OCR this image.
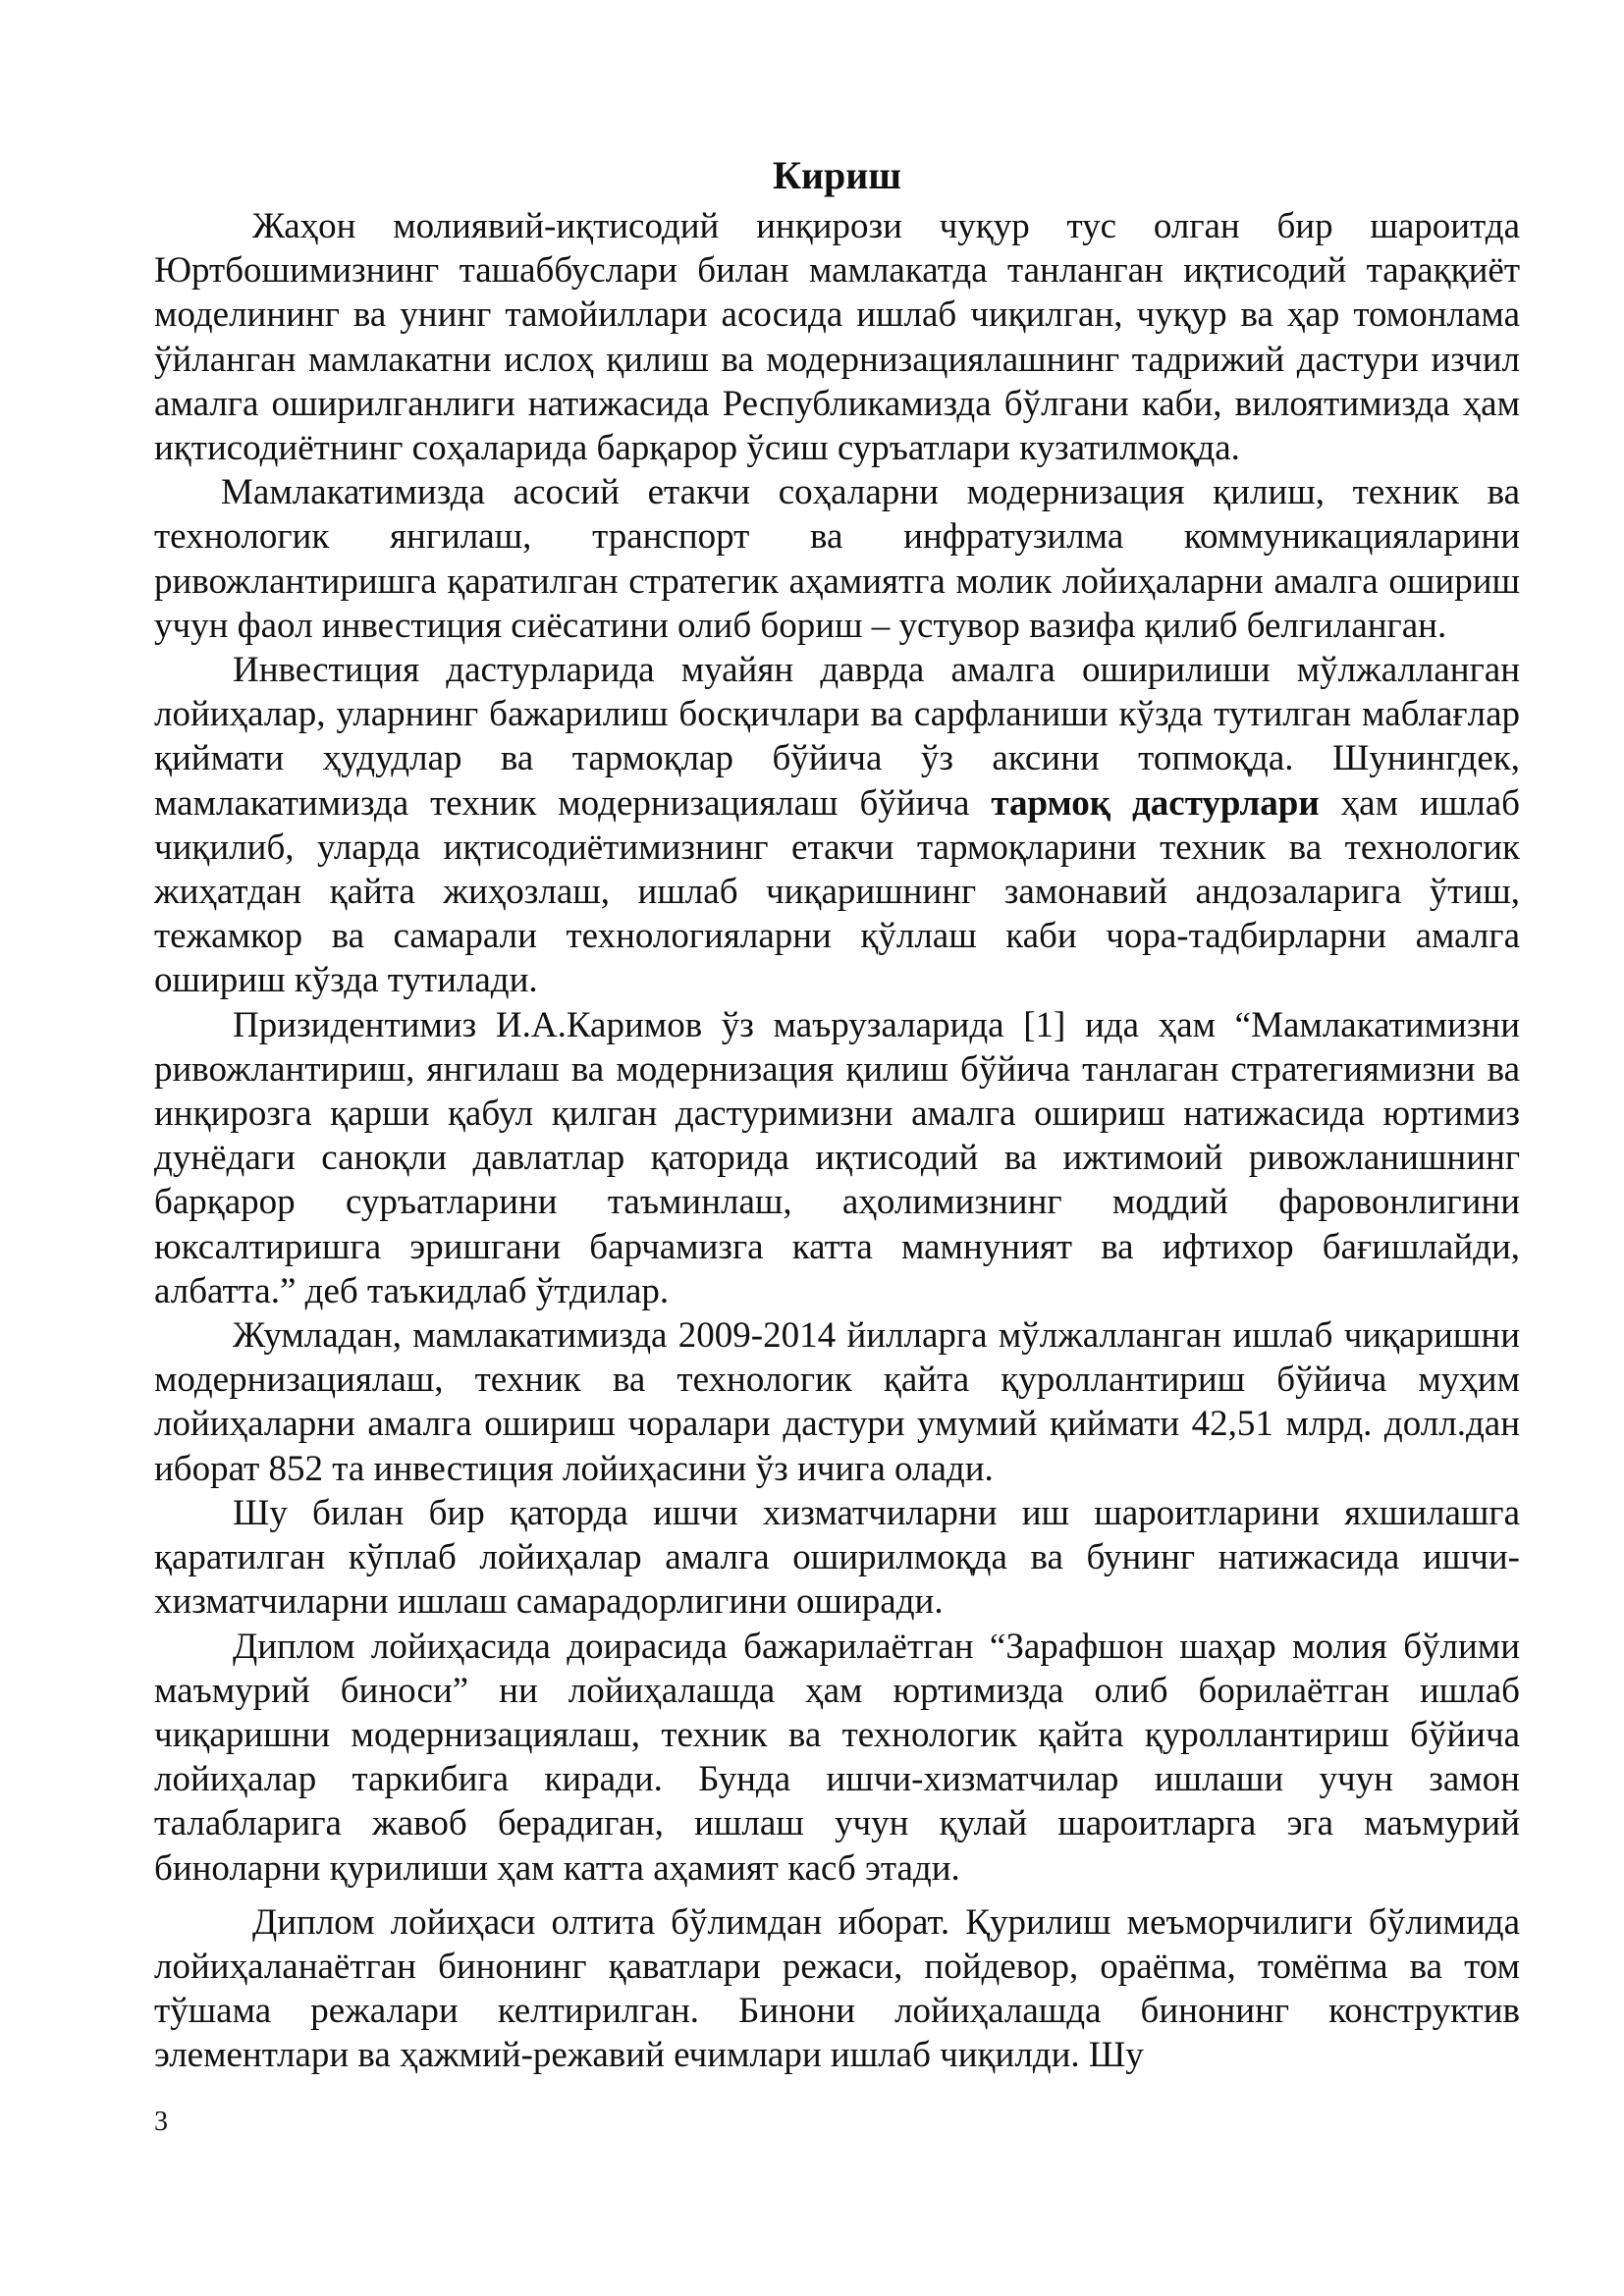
Кириш

Жаҳон молиявий-иқтисодий инқирози чуқур тус олган бир шароитда Юртбошимизнинг ташаббуслари билан мамлакатда танланган иқтисодий тараққиёт моделининг ва унинг тамойиллари асосида ишлаб чиқилган, чуқур ва ҳар томонлама ўйланган мамлакатни ислоҳ қилиш ва модернизациялашнинг тадрижий дастури изчил амалга оширилганлиги натижасида Республикамизда бўлгани каби, вилоятимизда ҳам иқтисодиётнинг соҳаларида барқарор ўсиш суръатлари кузатилмоқда.

Мамлакатимизда асосий етакчи соҳаларни модернизация қилиш, техник ва технологик янгилаш, транспорт ва инфратузилма коммуникацияларини ривожлантиришга қаратилган стратегик аҳамиятга молик лойиҳаларни амалга ошириш учун фаол инвестиция сиёсатини олиб бориш – устувор вазифа қилиб белгиланган.

Инвестиция дастурларида муайян даврда амалга оширилиши мўлжалланган лойиҳалар, уларнинг бажарилиш босқичлари ва сарфланиши кўзда тутилган маблағлар қиймати ҳудудлар ва тармоқлар бўйича ўз аксини топмоқда. Шунингдек, мамлакатимизда техник модернизациялаш бўйича тармоқ дастурлари ҳам ишлаб чиқилиб, уларда иқтисодиётимизнинг етакчи тармоқларини техник ва технологик жиҳатдан қайта жиҳозлаш, ишлаб чиқаришнинг замонавий андозаларига ўтиш, тежамкор ва самарали технологияларни қўллаш каби чора-тадбирларни амалга ошириш кўзда тутилади.

Призидентимиз И.А.Каримов ўз маърузаларида [1] ида ҳам “Мамлакатимизни ривожлантириш, янгилаш ва модернизация қилиш бўйича танлаган стратегиямизни ва инқирозга қарши қабул қилган дастуримизни амалга ошириш натижасида юртимиз дунёдаги саноқли давлатлар қаторида иқтисодий ва ижтимоий ривожланишнинг барқарор суръатларини таъминлаш, аҳолимизнинг моддий фаровонлигини юксалтиришга эришгани барчамизга катта мамнуният ва ифтихор бағишлайди, албатта.” деб таъкидлаб ўтдилар.

Жумладан, мамлакатимизда 2009-2014 йилларга мўлжалланган ишлаб чиқаришни модернизациялаш, техник ва технологик қайта қуроллантириш бўйича муҳим лойиҳаларни амалга ошириш чоралари дастури умумий қиймати 42,51 млрд. долл.дан иборат 852 та инвестиция лойиҳасини ўз ичига олади.

Шу билан бир қаторда ишчи хизматчиларни иш шароитларини яхшилашга қаратилган кўплаб лойиҳалар амалга оширилмоқда ва бунинг натижасида ишчи-хизматчиларни ишлаш самарадорлигини оширади.

Диплом лойиҳасида доирасида бажарилаётган “Зарафшон шаҳар молия бўлими маъмурий биноси” ни лойиҳалашда ҳам юртимизда олиб борилаётган ишлаб чиқаришни модернизациялаш, техник ва технологик қайта қуроллантириш бўйича лойиҳалар таркибига киради. Бунда ишчи-хизматчилар ишлаши учун замон талабларига жавоб берадиган, ишлаш учун қулай шароитларга эга маъмурий биноларни қурилиши ҳам катта аҳамият касб этади.

Диплом лойиҳаси олтита бўлимдан иборат. Қурилиш меъморчилиги бўлимида лойиҳаланаётган бинонинг қаватлари режаси, пойдевор, ораёпма, томёпма ва том тўшама режалари келтирилган. Бинони лойиҳалашда бинонинг конструктив элементлари ва ҳажмий-режавий ечимлари ишлаб чиқилди. Шу

3
